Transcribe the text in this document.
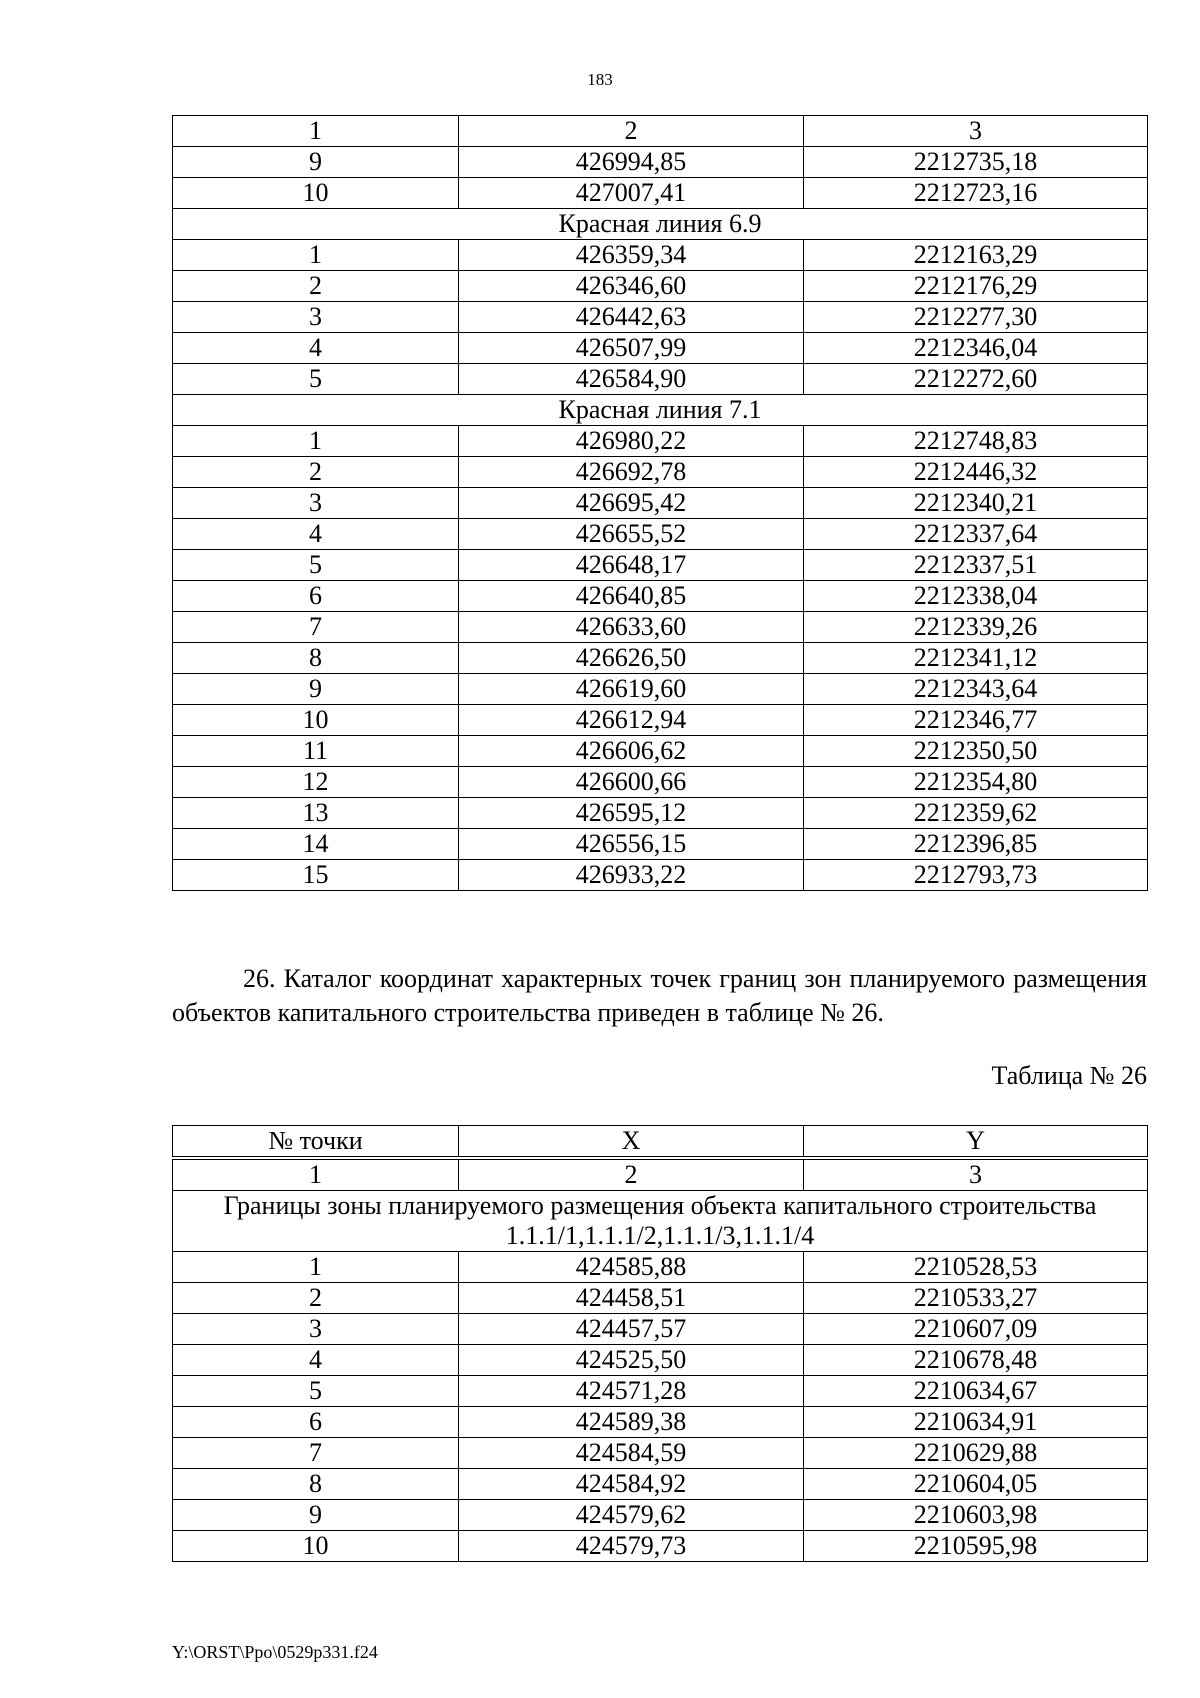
183
1	2	3
9	426994,85	2212735,18
10	427007,41	2212723,16
Красная линия 6.9		
1	426359,34	2212163,29
2	426346,60	2212176,29
3	426442,63	2212277,30
4	426507,99	2212346,04
5	426584,90	2212272,60
Красная линия 7.1		
1	426980,22	2212748,83
2	426692,78	2212446,32
3	426695,42	2212340,21
4	426655,52	2212337,64
5	426648,17	2212337,51
6	426640,85	2212338,04
7	426633,60	2212339,26
8	426626,50	2212341,12
9	426619,60	2212343,64
10	426612,94	2212346,77
11	426606,62	2212350,50
12	426600,66	2212354,80
13	426595,12	2212359,62
14	426556,15	2212396,85
15	426933,22	2212793,73
26. Каталог координат характерных точек границ зон планируемого размещения объектов капитального строительства приведен в таблице № 26.
Таблица № 26
№ точки	X	Y
1	2	3
Границы зоны планируемого размещения объекта капитального строительства 1.1.1/1,1.1.1/2,1.1.1/3,1.1.1/4		
1	424585,88	2210528,53
2	424458,51	2210533,27
3	424457,57	2210607,09
4	424525,50	2210678,48
5	424571,28	2210634,67
6	424589,38	2210634,91
7	424584,59	2210629,88
8	424584,92	2210604,05
9	424579,62	2210603,98
10	424579,73	2210595,98
Y:\ORST\Ppo\0529p331.f24
